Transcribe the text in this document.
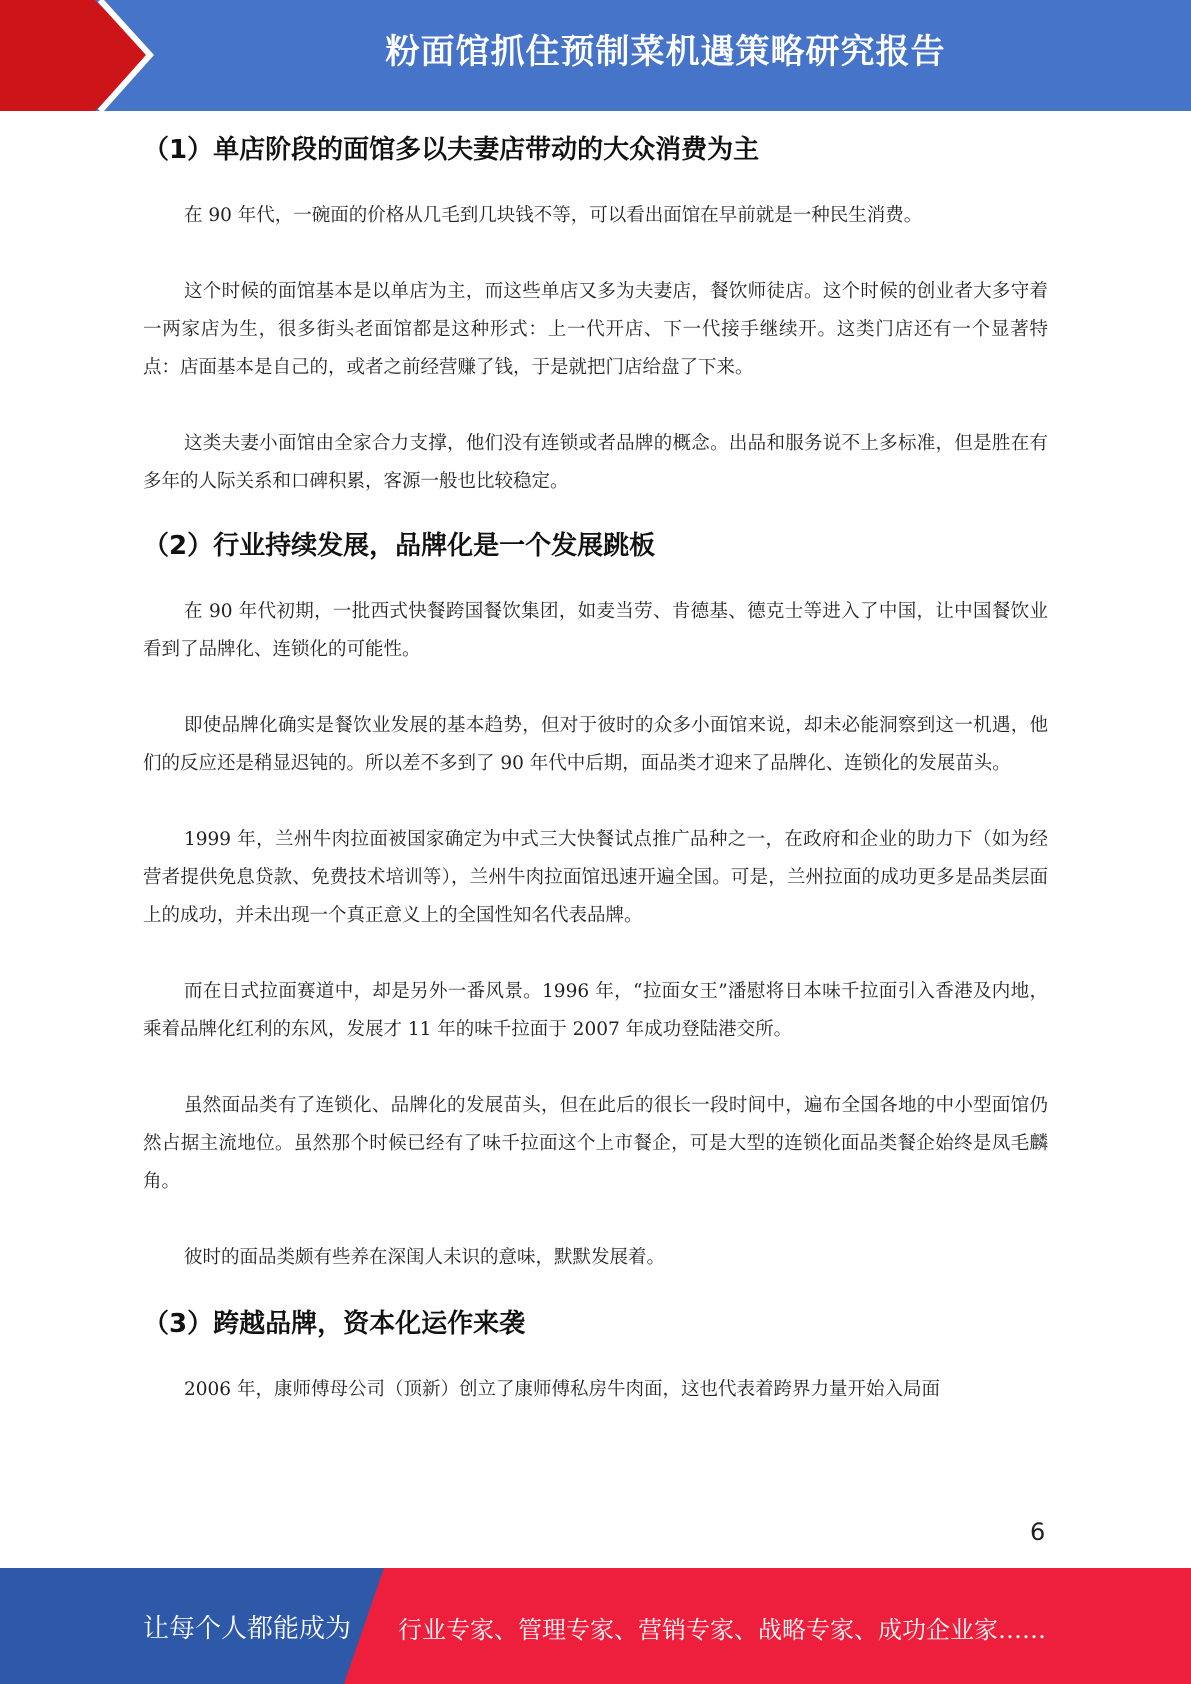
粉面馆抓住预制菜机遇策略研究报告
（1）单店阶段的面馆多以夫妻店带动的大众消费为主

在 90 年代，一碗面的价格从几毛到几块钱不等，可以看出面馆在早前就是一种民生消费。

这个时候的面馆基本是以单店为主，而这些单店又多为夫妻店，餐饮师徒店。这个时候的创业者大多守着一两家店为生，很多街头老面馆都是这种形式：上一代开店、下一代接手继续开。这类门店还有一个显著特点：店面基本是自己的，或者之前经营赚了钱，于是就把门店给盘了下来。

这类夫妻小面馆由全家合力支撑，他们没有连锁或者品牌的概念。出品和服务说不上多标准，但是胜在有多年的人际关系和口碑积累，客源一般也比较稳定。

（2）行业持续发展，品牌化是一个发展跳板

在 90 年代初期，一批西式快餐跨国餐饮集团，如麦当劳、肯德基、德克士等进入了中国，让中国餐饮业看到了品牌化、连锁化的可能性。

即使品牌化确实是餐饮业发展的基本趋势，但对于彼时的众多小面馆来说，却未必能洞察到这一机遇，他们的反应还是稍显迟钝的。所以差不多到了 90 年代中后期，面品类才迎来了品牌化、连锁化的发展苗头。

1999 年，兰州牛肉拉面被国家确定为中式三大快餐试点推广品种之一，在政府和企业的助力下（如为经营者提供免息贷款、免费技术培训等），兰州牛肉拉面馆迅速开遍全国。可是，兰州拉面的成功更多是品类层面上的成功，并未出现一个真正意义上的全国性知名代表品牌。

而在日式拉面赛道中，却是另外一番风景。1996 年，“拉面女王”潘慰将日本味千拉面引入香港及内地，乘着品牌化红利的东风，发展才 11 年的味千拉面于 2007 年成功登陆港交所。

虽然面品类有了连锁化、品牌化的发展苗头，但在此后的很长一段时间中，遍布全国各地的中小型面馆仍然占据主流地位。虽然那个时候已经有了味千拉面这个上市餐企，可是大型的连锁化面品类餐企始终是凤毛麟角。

彼时的面品类颇有些养在深闺人未识的意味，默默发展着。

（3）跨越品牌，资本化运作来袭

2006 年，康师傅母公司（顶新）创立了康师傅私房牛肉面，这也代表着跨界力量开始入局面

6
让每个人都能成为 行业专家、管理专家、营销专家、战略专家、成功企业家……
